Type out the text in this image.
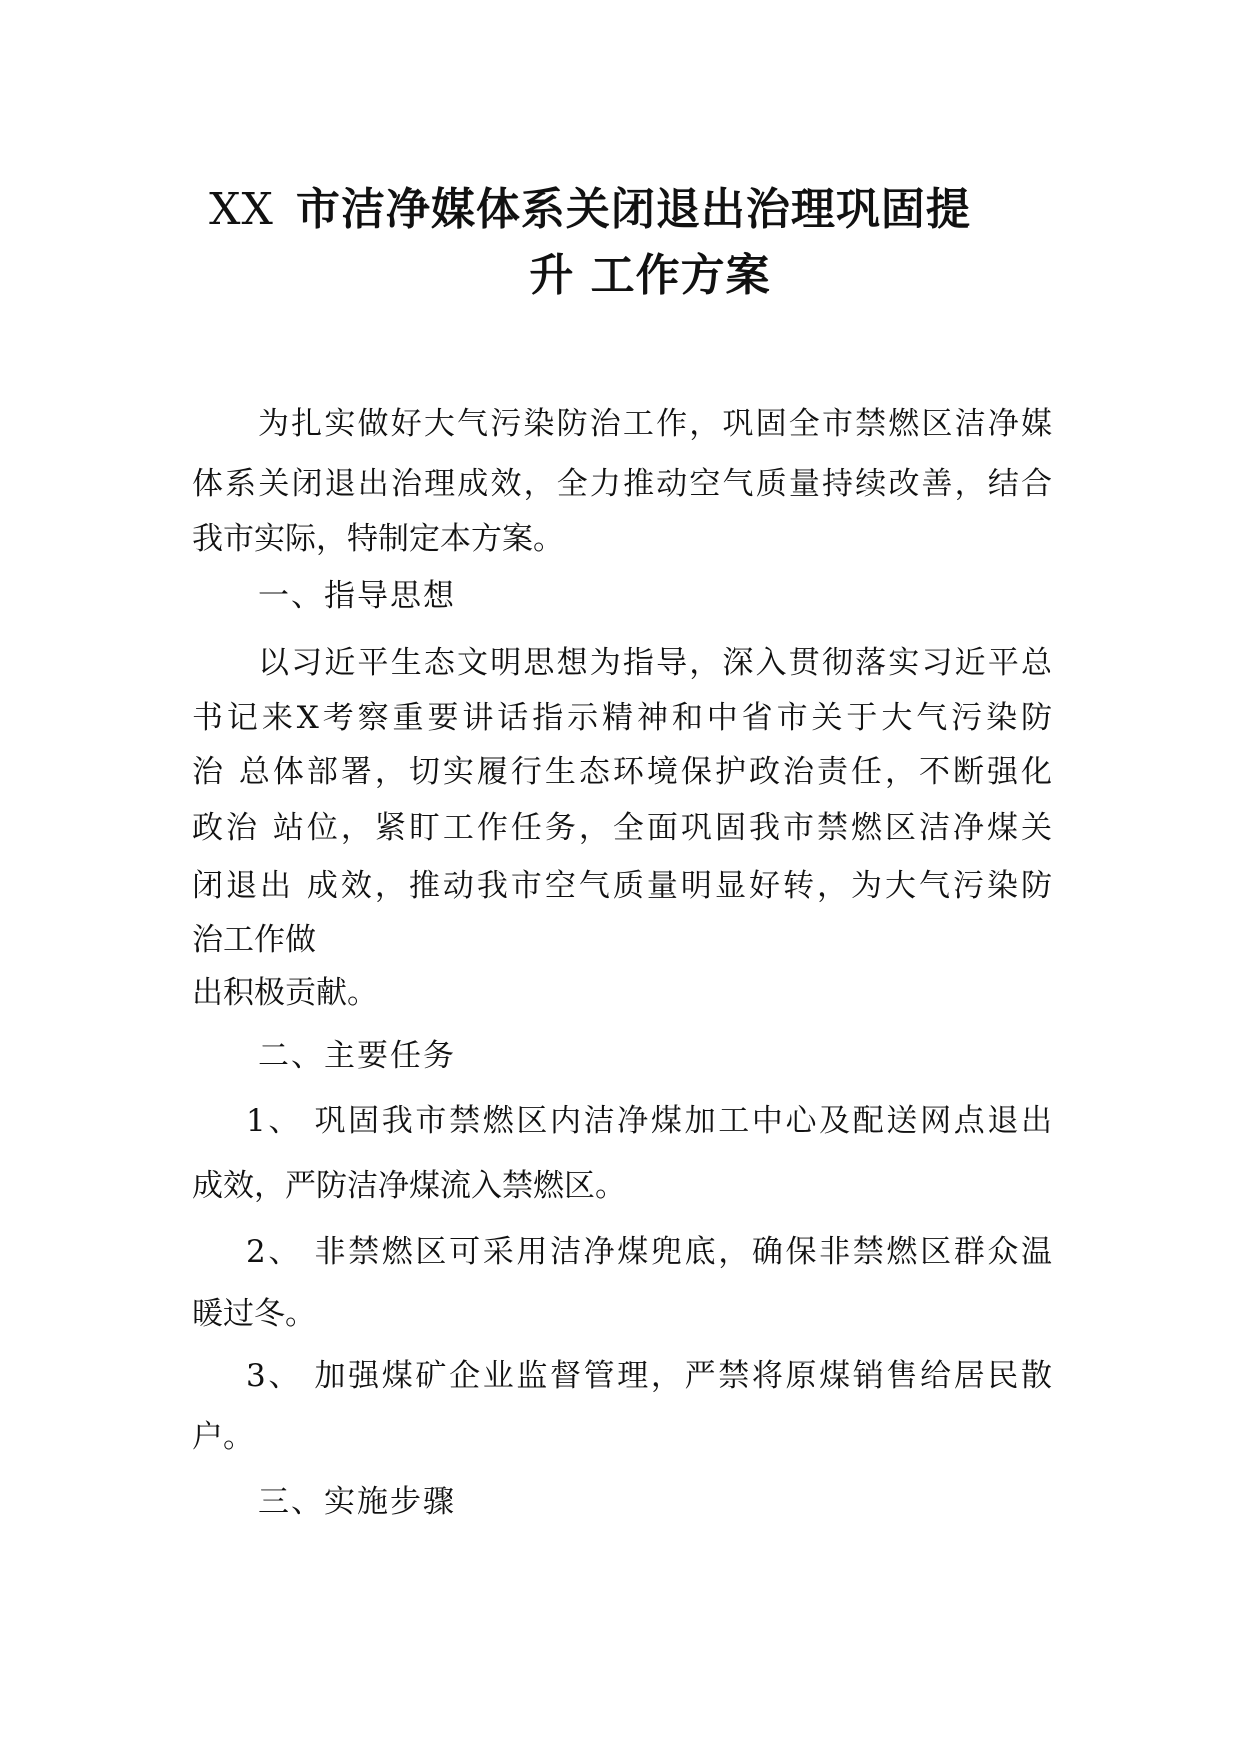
XX 市洁净媒体系关闭退出治理巩固提
升 工作方案
为扎实做好大气污染防治工作，巩固全市禁燃区洁净媒
体系关闭退出治理成效，全力推动空气质量持续改善，结合
我市实际，特制定本方案。
一、指导思想
以习近平生态文明思想为指导，深入贯彻落实习近平总
书记来X考察重要讲话指示精神和中省市关于大气污染防
治 总体部署，切实履行生态环境保护政治责任，不断强化
政治 站位，紧盯工作任务，全面巩固我市禁燃区洁净煤关
闭退出 成效，推动我市空气质量明显好转，为大气污染防
治工作做
出积极贡献。
二、主要任务
1、 巩固我市禁燃区内洁净煤加工中心及配送网点退出
成效，严防洁净煤流入禁燃区。
2、 非禁燃区可采用洁净煤兜底，确保非禁燃区群众温
暖过冬。
3、 加强煤矿企业监督管理，严禁将原煤销售给居民散
户。
三、实施步骤
